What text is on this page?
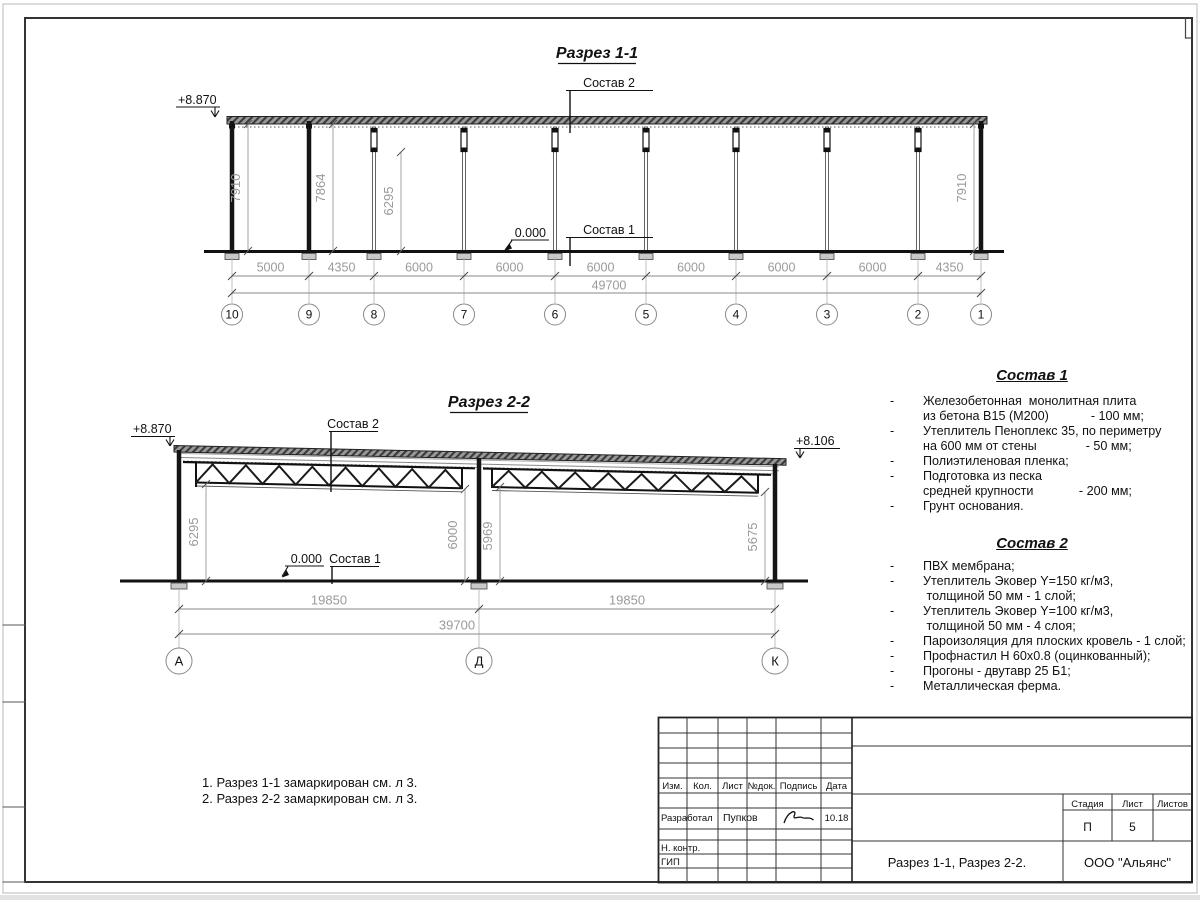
Разрез 1-1
7910	7864	6295	7910
+8.870
0.000
Состав 2
Состав 1
5000	4350	6000	6000	6000	6000	6000	6000	4350
49700
10	9	8	7	6	5	4	3	2	1
Разрез 2-2
+8.870
+8.106
0.000
Состав 2
Состав 1
6295	6000 5969	5675
19850	19850
39700
А	Д	К
Изм. Кол. Лист №док. Подпись Дата
Разработал Пупков	10.18
Н. контр.
ГИП
Стадия Лист Листов
П	5
Разрез 1-1, Разрез 2-2.	ООО "Альянс"
Состав 1
-	Железобетонная  монолитная плита
из бетона В15 (М200)            - 100 мм;
-	Утеплитель Пеноплекс 35, по периметру
на 600 мм от стены              - 50 мм;
-	Полиэтиленовая пленка;
-	Подготовка из песка
средней крупности             - 200 мм;
-	Грунт основания.
Состав 2
-	ПВХ мембрана;
-	Утеплитель Эковер Y=150 кг/м3,
толщиной 50 мм - 1 слой;
-	Утеплитель Эковер Y=100 кг/м3,
толщиной 50 мм - 4 слоя;
-	Пароизоляция для плоских кровель - 1 слой;
-	Профнастил Н 60х0.8 (оцинкованный);
-	Прогоны - двутавр 25 Б1;
-	Металлическая ферма.
1. Разрез 1-1 замаркирован см. л 3.
2. Разрез 2-2 замаркирован см. л 3.
